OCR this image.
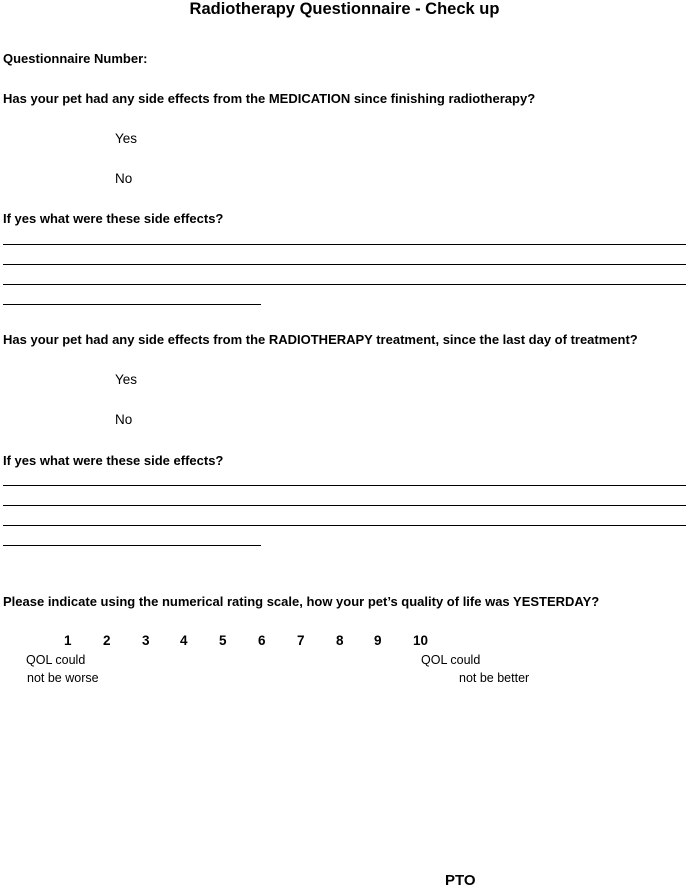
Radiotherapy Questionnaire - Check up
Questionnaire Number:
Has your pet had any side effects from the MEDICATION since finishing radiotherapy?
Yes
No
If yes what were these side effects?
Has your pet had any side effects from the RADIOTHERAPY treatment, since the last day of treatment?
Yes
No
If yes what were these side effects?
Please indicate using the numerical rating scale, how your pet’s quality of life was YESTERDAY?
1 2 3 4 5 6 7 8 9 10
QOL could
not be worse
QOL could
not be better
PTO
